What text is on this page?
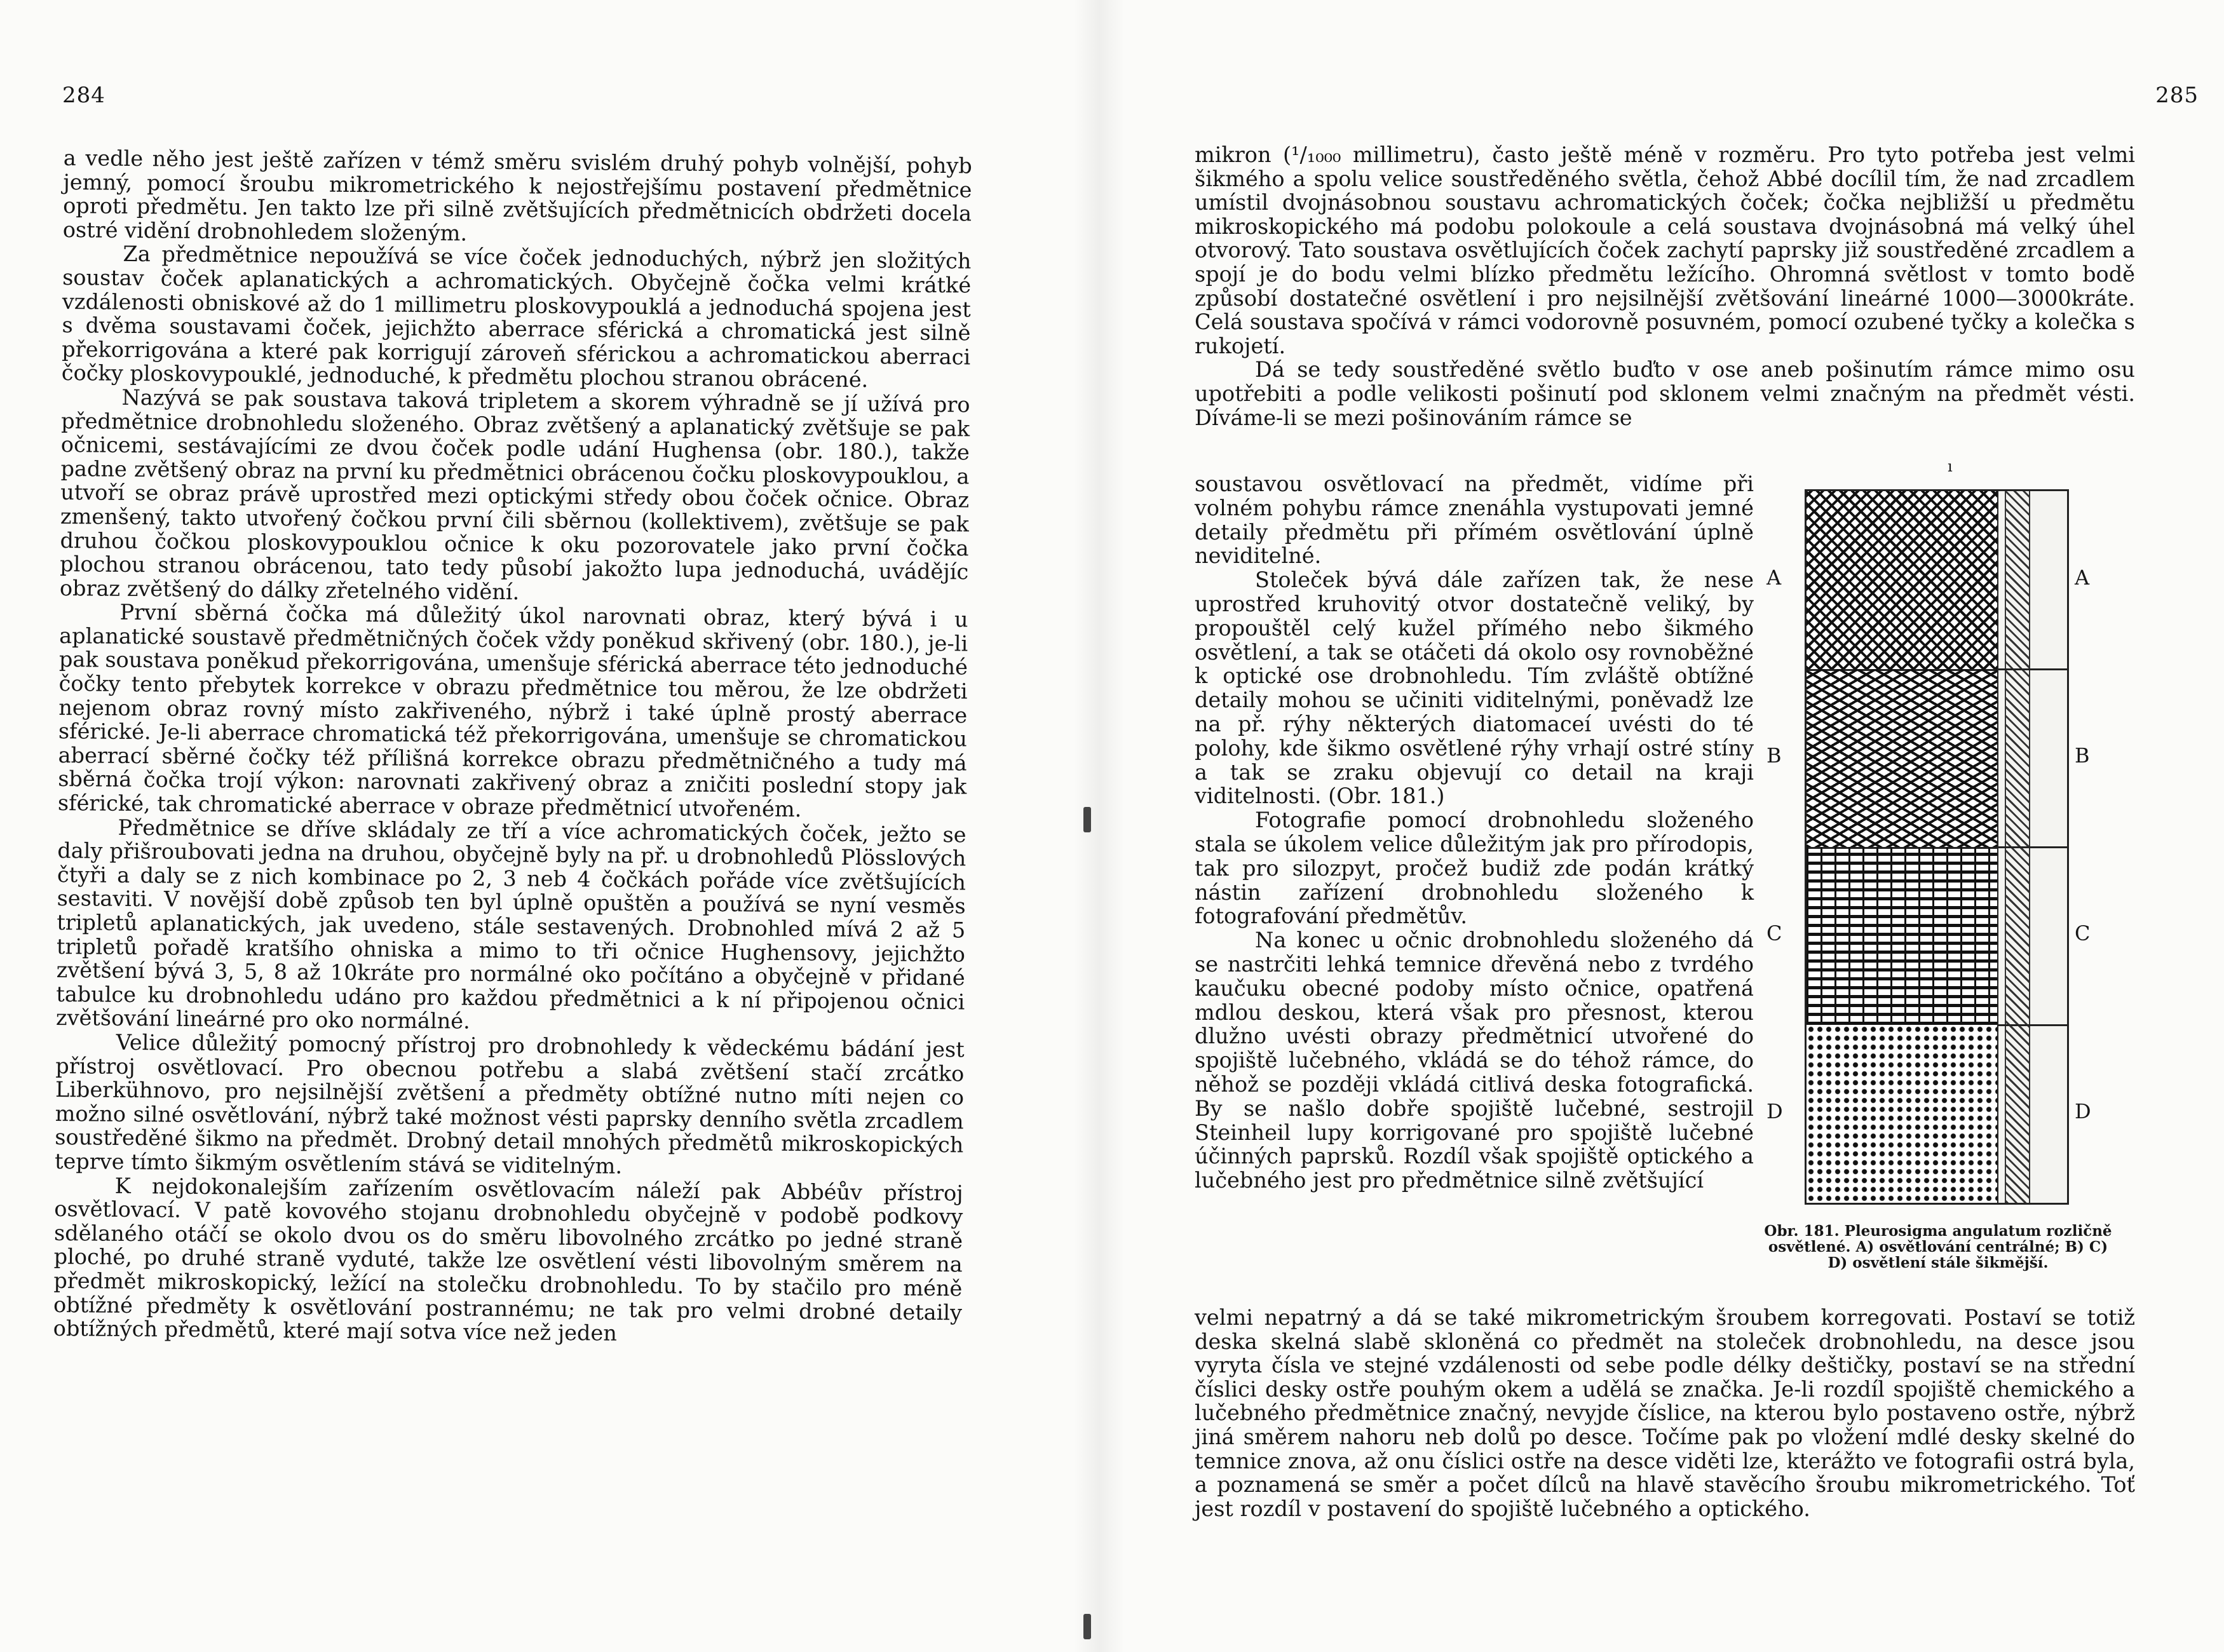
284

a vedle něho jest ještě zařízen v témž směru svislém druhý pohyb volnější, pohyb jemný, pomocí šroubu mikrometrického k nejostřejšímu postavení předmětnice oproti předmětu. Jen takto lze při silně zvětšujících předmětnicích obdržeti docela ostré vidění drobnohledem složeným.

Za předmětnice nepoužívá se více čoček jednoduchých, nýbrž jen složitých soustav čoček aplanatických a achromatických. Obyčejně čočka velmi krátké vzdálenosti obniskové až do 1 millimetru ploskovypouklá a jednoduchá spojena jest s dvěma soustavami čoček, jejichžto aberrace sférická a chromatická jest silně překorrigována a které pak korrigují zároveň sférickou a achromatickou aberraci čočky ploskovypouklé, jednoduché, k předmětu plochou stranou obrácené.

Nazývá se pak soustava taková tripletem a skorem výhradně se jí užívá pro předmětnice drobnohledu složeného. Obraz zvětšený a aplanatický zvětšuje se pak očnicemi, sestávajícími ze dvou čoček podle udání Hughensa (obr. 180.), takže padne zvětšený obraz na první ku předmětnici obrácenou čočku ploskovypouklou, a utvoří se obraz právě uprostřed mezi optickými středy obou čoček očnice. Obraz zmenšený, takto utvořený čočkou první čili sběrnou (kollektivem), zvětšuje se pak druhou čočkou ploskovypouklou očnice k oku pozorovatele jako první čočka plochou stranou obrácenou, tato tedy působí jakožto lupa jednoduchá, uvádějíc obraz zvětšený do dálky zřetelného vidění.

První sběrná čočka má důležitý úkol narovnati obraz, který bývá i u aplanatické soustavě předmětničných čoček vždy poněkud skřivený (obr. 180.), je-li pak soustava poněkud překorrigována, umenšuje sférická aberrace této jednoduché čočky tento přebytek korrekce v obrazu předmětnice tou měrou, že lze obdržeti nejenom obraz rovný místo zakřiveného, nýbrž i také úplně prostý aberrace sférické. Je-li aberrace chromatická též překorrigována, umenšuje se chromatickou aberrací sběrné čočky též přílišná korrekce obrazu předmětničného a tudy má sběrná čočka trojí výkon: narovnati zakřivený obraz a zničiti poslední stopy jak sférické, tak chromatické aberrace v obraze předmětnicí utvořeném.

Předmětnice se dříve skládaly ze tří a více achromatických čoček, ježto se daly přišroubovati jedna na druhou, obyčejně byly na př. u drobnohledů Plösslových čtyři a daly se z nich kombinace po 2, 3 neb 4 čočkách pořáde více zvětšujících sestaviti. V novější době způsob ten byl úplně opuštěn a používá se nyní vesměs tripletů aplanatických, jak uvedeno, stále sestavených. Drobnohled mívá 2 až 5 tripletů pořadě kratšího ohniska a mimo to tři očnice Hughensovy, jejichžto zvětšení bývá 3, 5, 8 až 10kráte pro normálné oko počítáno a obyčejně v přidané tabulce ku drobnohledu udáno pro každou předmětnici a k ní připojenou očnici zvětšování lineárné pro oko normálné.

Velice důležitý pomocný přístroj pro drobnohledy k vědeckému bádání jest přístroj osvětlovací. Pro obecnou potřebu a slabá zvětšení stačí zrcátko Liberkühnovo, pro nejsilnější zvětšení a předměty obtížné nutno míti nejen co možno silné osvětlování, nýbrž také možnost vésti paprsky denního světla zrcadlem soustředěné šikmo na předmět. Drobný detail mnohých předmětů mikroskopických teprve tímto šikmým osvětlením stává se viditelným.

K nejdokonalejším zařízením osvětlovacím náleží pak Abbéův přístroj osvětlovací. V patě kovového stojanu drobnohledu obyčejně v podobě podkovy sdělaného otáčí se okolo dvou os do směru libovolného zrcátko po jedné straně ploché, po druhé straně vyduté, takže lze osvětlení vésti libovolným směrem na předmět mikroskopický, ležící na stolečku drobnohledu. To by stačilo pro méně obtížné předměty k osvětlování postrannému; ne tak pro velmi drobné detaily obtížných předmětů, které mají sotva více než jeden

285

mikron (¹/₁₀₀₀ millimetru), často ještě méně v rozměru. Pro tyto potřeba jest velmi šikmého a spolu velice soustředěného světla, čehož Abbé docílil tím, že nad zrcadlem umístil dvojnásobnou soustavu achromatických čoček; čočka nejbližší u předmětu mikroskopického má podobu polokoule a celá soustava dvojnásobná má velký úhel otvorový. Tato soustava osvětlujících čoček zachytí paprsky již soustředěné zrcadlem a spojí je do bodu velmi blízko předmětu ležícího. Ohromná světlost v tomto bodě způsobí dostatečné osvětlení i pro nejsilnější zvětšování lineárné 1000—3000kráte. Celá soustava spočívá v rámci vodorovně posuvném, pomocí ozubené tyčky a kolečka s rukojetí.

Dá se tedy soustředěné světlo buďto v ose aneb pošinutím rámce mimo osu upotřebiti a podle velikosti pošinutí pod sklonem velmi značným na předmět vésti. Díváme-li se mezi pošinováním rámce se

soustavou osvětlovací na předmět, vidíme při volném pohybu rámce znenáhla vystupovati jemné detaily předmětu při přímém osvětlování úplně neviditelné.

Stoleček bývá dále zařízen tak, že nese uprostřed kruhovitý otvor dostatečně veliký, by propouštěl celý kužel přímého nebo šikmého osvětlení, a tak se otáčeti dá okolo osy rovnoběžné k optické ose drobnohledu. Tím zvláště obtížné detaily mohou se učiniti viditelnými, poněvadž lze na př. rýhy některých diatomaceí uvésti do té polohy, kde šikmo osvětlené rýhy vrhají ostré stíny a tak se zraku objevují co detail na kraji viditelnosti. (Obr. 181.)

Fotografie pomocí drobnohledu složeného stala se úkolem velice důležitým jak pro přírodopis, tak pro silozpyt, pročež budiž zde podán krátký nástin zařízení drobnohledu složeného k fotografování předmětův.

Na konec u očnic drobnohledu složeného dá se nastrčiti lehká temnice dřevěná nebo z tvrdého kaučuku obecné podoby místo očnice, opatřená mdlou deskou, která však pro přesnost, kterou dlužno uvésti obrazy předmětnicí utvořené do spojiště lučebného, vkládá se do téhož rámce, do něhož se později vkládá citlivá deska fotografická. By se našlo dobře spojiště lučebné, sestrojil Steinheil lupy korrigované pro spojiště lučebné účinných paprsků. Rozdíl však spojiště optického a lučebného jest pro předmětnice silně zvětšující

ı
A
B
C
D
A
B
C
D
Obr. 181. Pleurosigma angulatum rozličně osvětlené. A) osvětlování centrálné; B) C) D) osvětlení stále šikmější.

velmi nepatrný a dá se také mikrometrickým šroubem korregovati. Postaví se totiž deska skelná slabě skloněná co předmět na stoleček drobnohledu, na desce jsou vyryta čísla ve stejné vzdálenosti od sebe podle délky deštičky, postaví se na střední číslici desky ostře pouhým okem a udělá se značka. Je-li rozdíl spojiště chemického a lučebného předmětnice značný, nevyjde číslice, na kterou bylo postaveno ostře, nýbrž jiná směrem nahoru neb dolů po desce. Točíme pak po vložení mdlé desky skelné do temnice znova, až onu číslici ostře na desce viděti lze, kterážto ve fotografii ostrá byla, a poznamená se směr a počet dílců na hlavě stavěcího šroubu mikrometrického. Toť jest rozdíl v postavení do spojiště lučebného a optického.
